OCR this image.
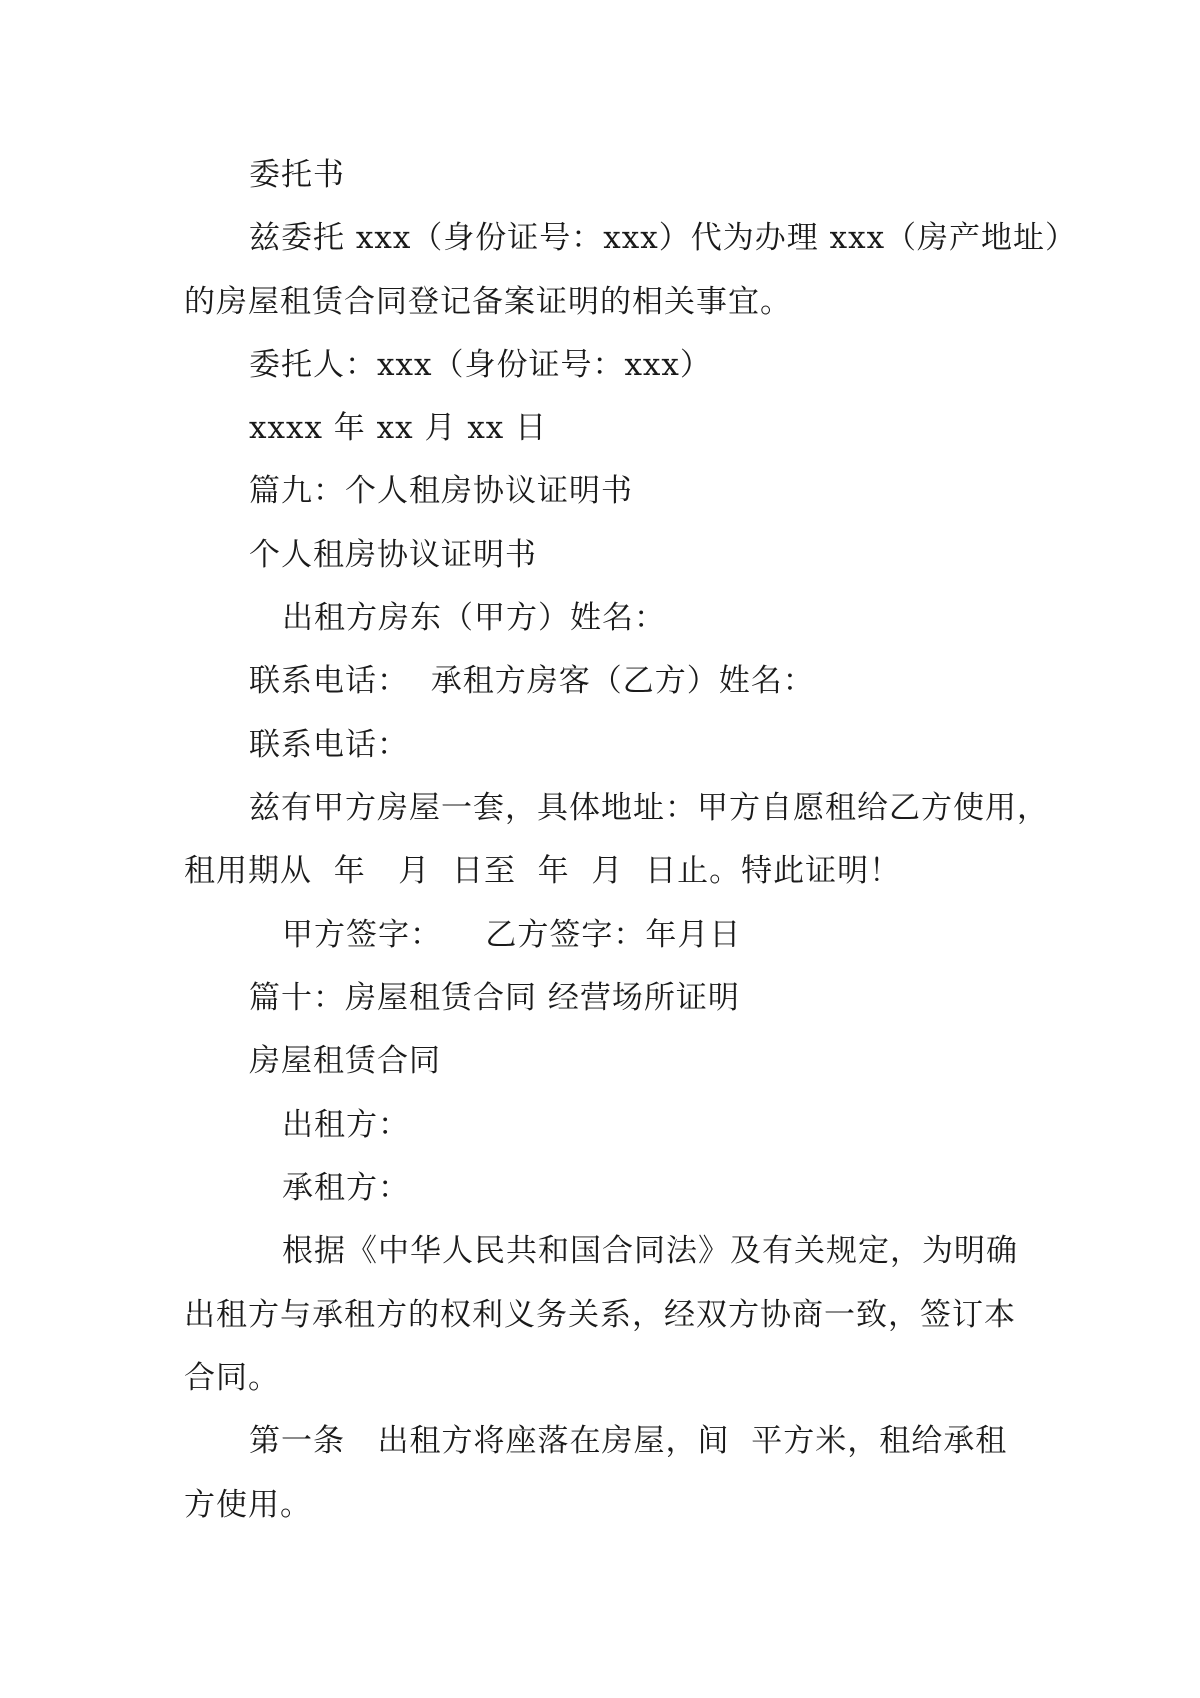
委托书
兹委托 xxx（身份证号：xxx）代为办理 xxx（房产地址）
的房屋租赁合同登记备案证明的相关事宜。
委托人：xxx（身份证号：xxx）
xxxx 年 xx 月 xx 日
篇九：个人租房协议证明书
个人租房协议证明书
出租方房东（甲方）姓名：
联系电话：  承租方房客（乙方）姓名：
联系电话：
兹有甲方房屋一套，具体地址：甲方自愿租给乙方使用，
租用期从  年   月  日至  年  月  日止。特此证明！
甲方签字：    乙方签字：年月日
篇十：房屋租赁合同 经营场所证明
房屋租赁合同
出租方：
承租方：
根据《中华人民共和国合同法》及有关规定，为明确
出租方与承租方的权利义务关系，经双方协商一致，签订本
合同。
第一条   出租方将座落在房屋，间  平方米，租给承租
方使用。
